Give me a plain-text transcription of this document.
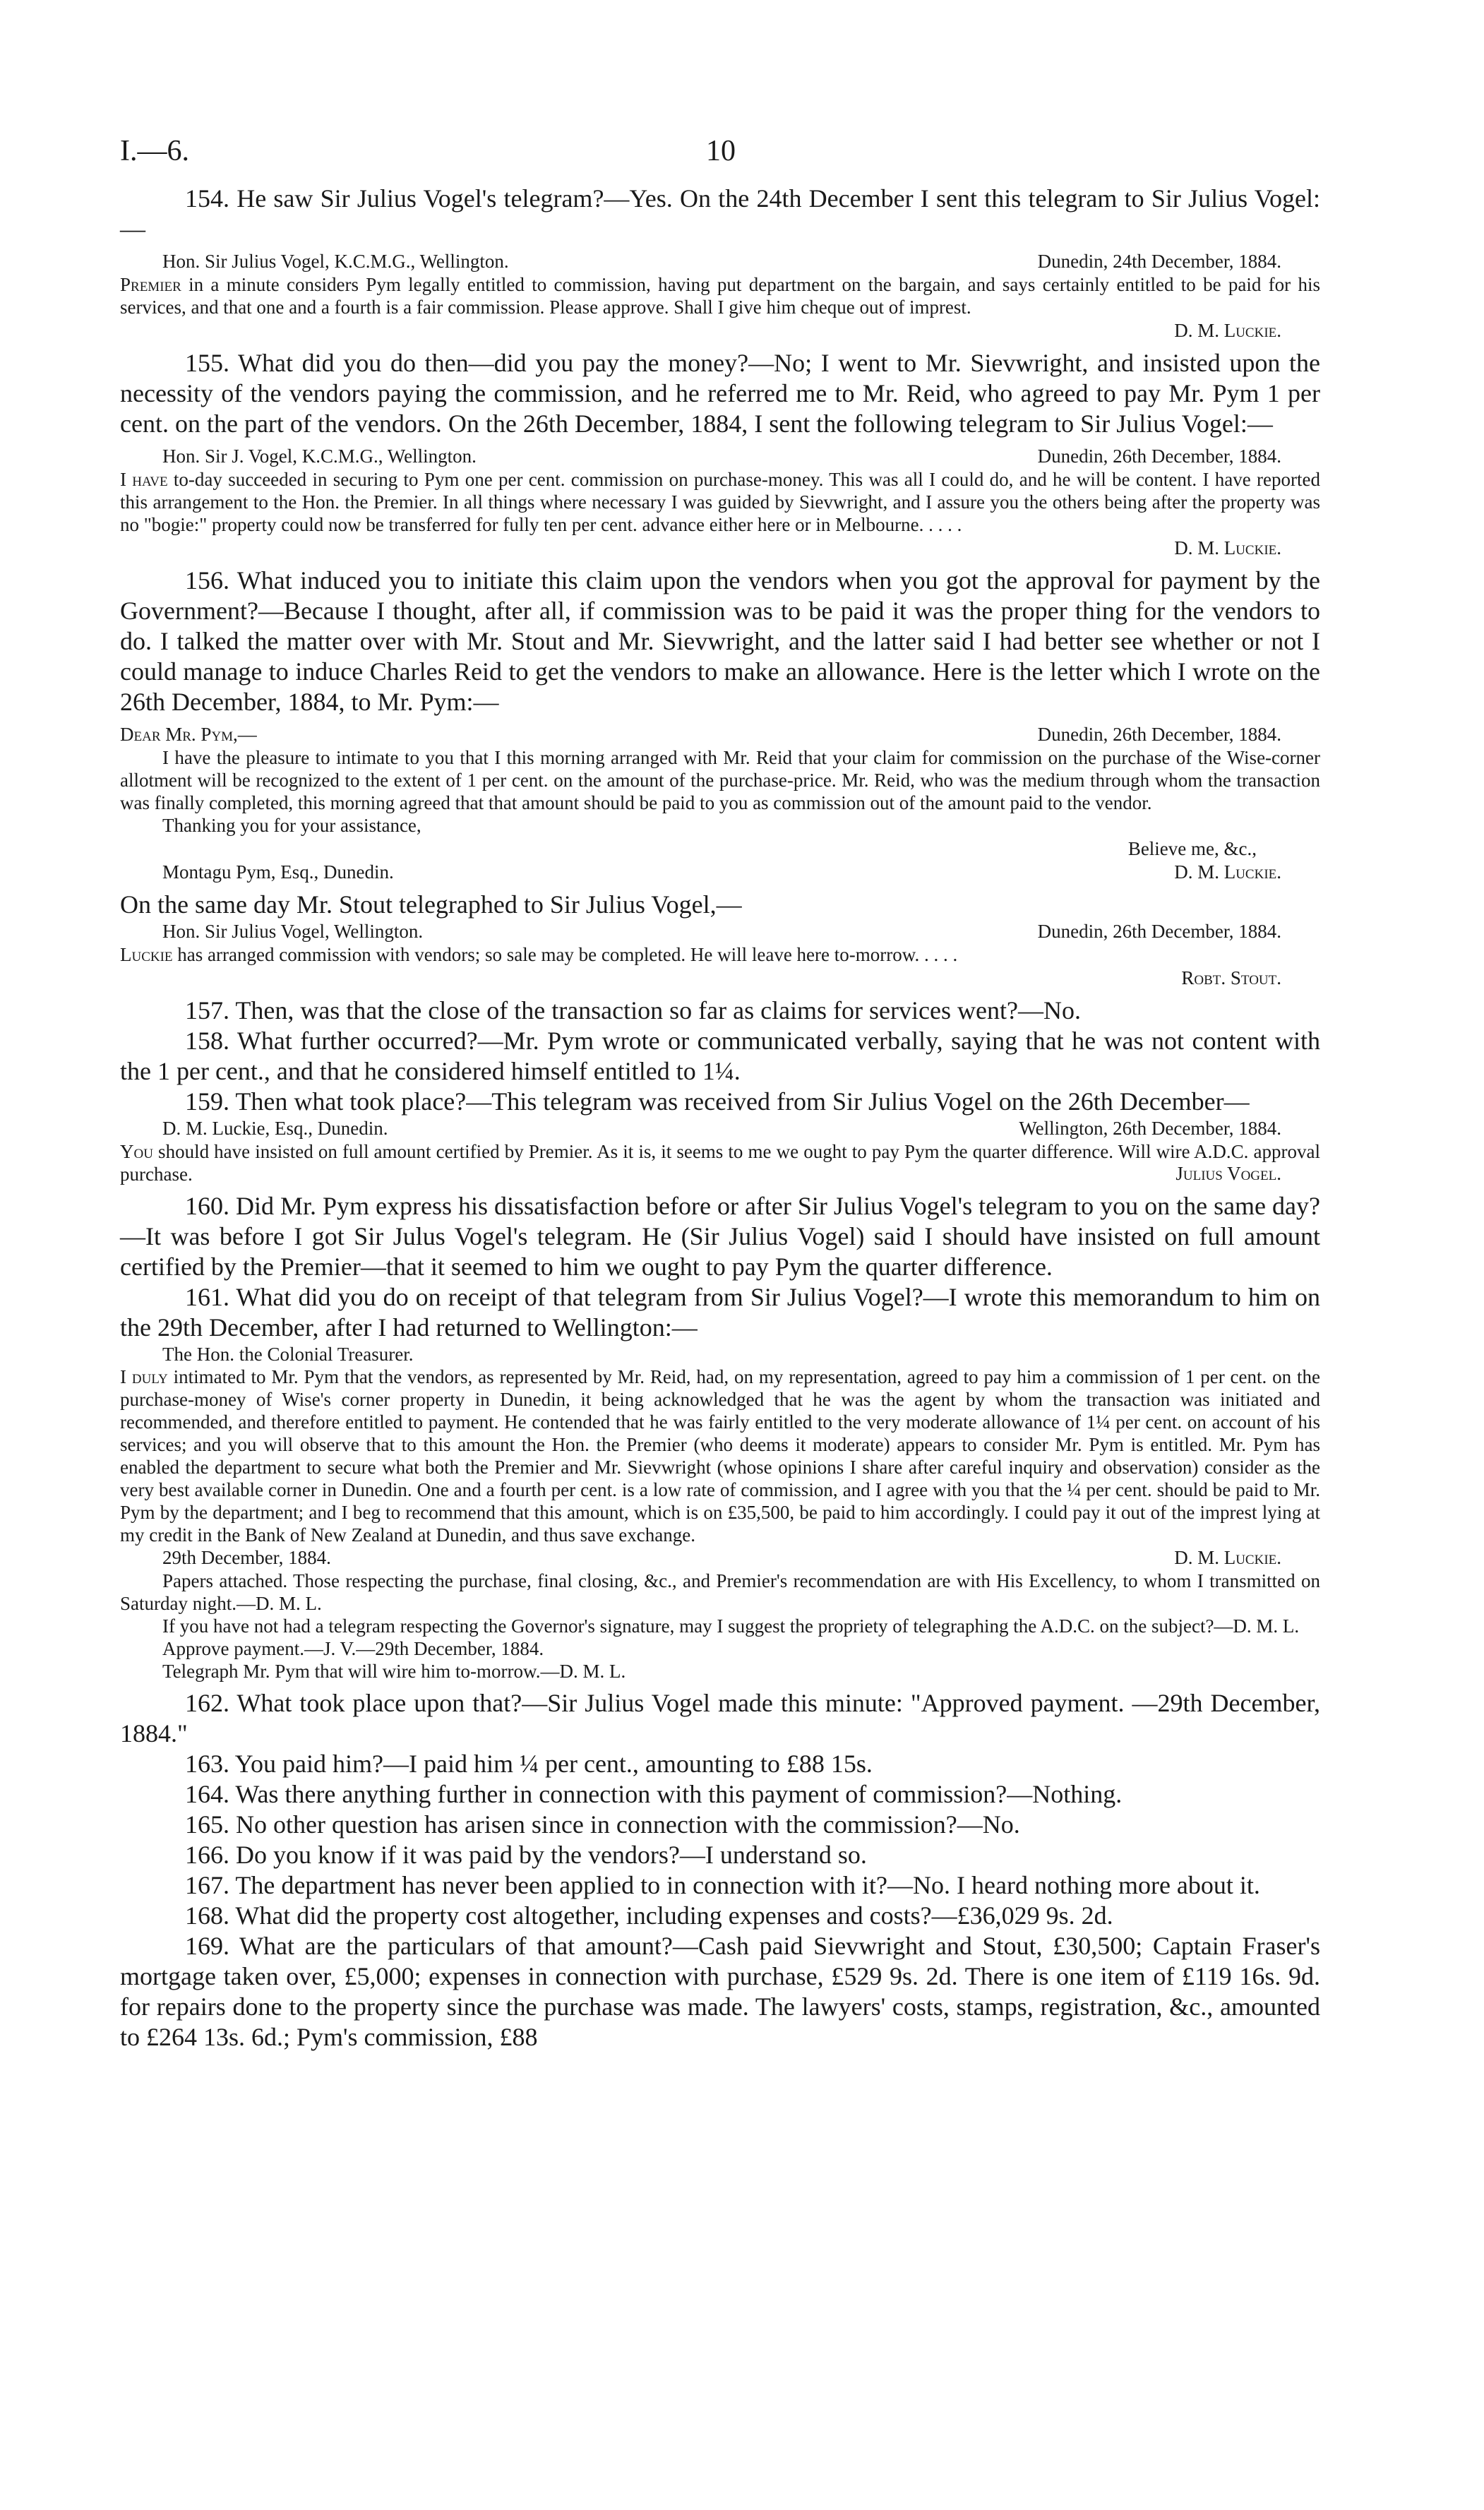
I.—6.	10

154. He saw Sir Julius Vogel's telegram?—Yes. On the 24th December I sent this telegram to Sir Julius Vogel:—

Hon. Sir Julius Vogel, K.C.M.G., Wellington.	Dunedin, 24th December, 1884.

Premier in a minute considers Pym legally entitled to commission, having put department on the bargain, and says certainly entitled to be paid for his services, and that one and a fourth is a fair commission. Please approve. Shall I give him cheque out of imprest.

D. M. Luckie.

155. What did you do then—did you pay the money?—No; I went to Mr. Sievwright, and insisted upon the necessity of the vendors paying the commission, and he referred me to Mr. Reid, who agreed to pay Mr. Pym 1 per cent. on the part of the vendors. On the 26th December, 1884, I sent the following telegram to Sir Julius Vogel:—

Hon. Sir J. Vogel, K.C.M.G., Wellington.	Dunedin, 26th December, 1884.

I have to-day succeeded in securing to Pym one per cent. commission on purchase-money. This was all I could do, and he will be content. I have reported this arrangement to the Hon. the Premier. In all things where necessary I was guided by Sievwright, and I assure you the others being after the property was no "bogie:" property could now be transferred for fully ten per cent. advance either here or in Melbourne. . . . .

D. M. Luckie.

156. What induced you to initiate this claim upon the vendors when you got the approval for payment by the Government?—Because I thought, after all, if commission was to be paid it was the proper thing for the vendors to do. I talked the matter over with Mr. Stout and Mr. Sievwright, and the latter said I had better see whether or not I could manage to induce Charles Reid to get the vendors to make an allowance. Here is the letter which I wrote on the 26th December, 1884, to Mr. Pym:—

Dear Mr. Pym,—	Dunedin, 26th December, 1884.

I have the pleasure to intimate to you that I this morning arranged with Mr. Reid that your claim for commission on the purchase of the Wise-corner allotment will be recognized to the extent of 1 per cent. on the amount of the purchase-price. Mr. Reid, who was the medium through whom the transaction was finally completed, this morning agreed that that amount should be paid to you as commission out of the amount paid to the vendor.

Thanking you for your assistance,
Believe me, &c.,
Montagu Pym, Esq., Dunedin.	D. M. Luckie.

On the same day Mr. Stout telegraphed to Sir Julius Vogel,—

Hon. Sir Julius Vogel, Wellington.	Dunedin, 26th December, 1884.

Luckie has arranged commission with vendors; so sale may be completed. He will leave here to-morrow. . . . .

Robt. Stout.

157. Then, was that the close of the transaction so far as claims for services went?—No.

158. What further occurred?—Mr. Pym wrote or communicated verbally, saying that he was not content with the 1 per cent., and that he considered himself entitled to 1¼.

159. Then what took place?—This telegram was received from Sir Julius Vogel on the 26th December—

D. M. Luckie, Esq., Dunedin.	Wellington, 26th December, 1884.

You should have insisted on full amount certified by Premier. As it is, it seems to me we ought to pay Pym the quarter difference. Will wire A.D.C. approval purchase.	Julius Vogel.

160. Did Mr. Pym express his dissatisfaction before or after Sir Julius Vogel's telegram to you on the same day?—It was before I got Sir Julus Vogel's telegram. He (Sir Julius Vogel) said I should have insisted on full amount certified by the Premier—that it seemed to him we ought to pay Pym the quarter difference.

161. What did you do on receipt of that telegram from Sir Julius Vogel?—I wrote this memorandum to him on the 29th December, after I had returned to Wellington:—

The Hon. the Colonial Treasurer.

I duly intimated to Mr. Pym that the vendors, as represented by Mr. Reid, had, on my representation, agreed to pay him a commission of 1 per cent. on the purchase-money of Wise's corner property in Dunedin, it being acknowledged that he was the agent by whom the transaction was initiated and recommended, and therefore entitled to payment. He contended that he was fairly entitled to the very moderate allowance of 1¼ per cent. on account of his services; and you will observe that to this amount the Hon. the Premier (who deems it moderate) appears to consider Mr. Pym is entitled. Mr. Pym has enabled the department to secure what both the Premier and Mr. Sievwright (whose opinions I share after careful inquiry and observation) consider as the very best available corner in Dunedin. One and a fourth per cent. is a low rate of commission, and I agree with you that the ¼ per cent. should be paid to Mr. Pym by the department; and I beg to recommend that this amount, which is on £35,500, be paid to him accordingly. I could pay it out of the imprest lying at my credit in the Bank of New Zealand at Dunedin, and thus save exchange.

29th December, 1884.	D. M. Luckie.

Papers attached. Those respecting the purchase, final closing, &c., and Premier's recommendation are with His Excellency, to whom I transmitted on Saturday night.—D. M. L.

If you have not had a telegram respecting the Governor's signature, may I suggest the propriety of telegraphing the A.D.C. on the subject?—D. M. L.

Approve payment.—J. V.—29th December, 1884.
Telegraph Mr. Pym that will wire him to-morrow.—D. M. L.

162. What took place upon that?—Sir Julius Vogel made this minute: "Approved payment. —29th December, 1884."

163. You paid him?—I paid him ¼ per cent., amounting to £88 15s.

164. Was there anything further in connection with this payment of commission?—Nothing.

165. No other question has arisen since in connection with the commission?—No.

166. Do you know if it was paid by the vendors?—I understand so.

167. The department has never been applied to in connection with it?—No. I heard nothing more about it.

168. What did the property cost altogether, including expenses and costs?—£36,029 9s. 2d.

169. What are the particulars of that amount?—Cash paid Sievwright and Stout, £30,500; Captain Fraser's mortgage taken over, £5,000; expenses in connection with purchase, £529 9s. 2d. There is one item of £119 16s. 9d. for repairs done to the property since the purchase was made. The lawyers' costs, stamps, registration, &c., amounted to £264 13s. 6d.; Pym's commission, £88
